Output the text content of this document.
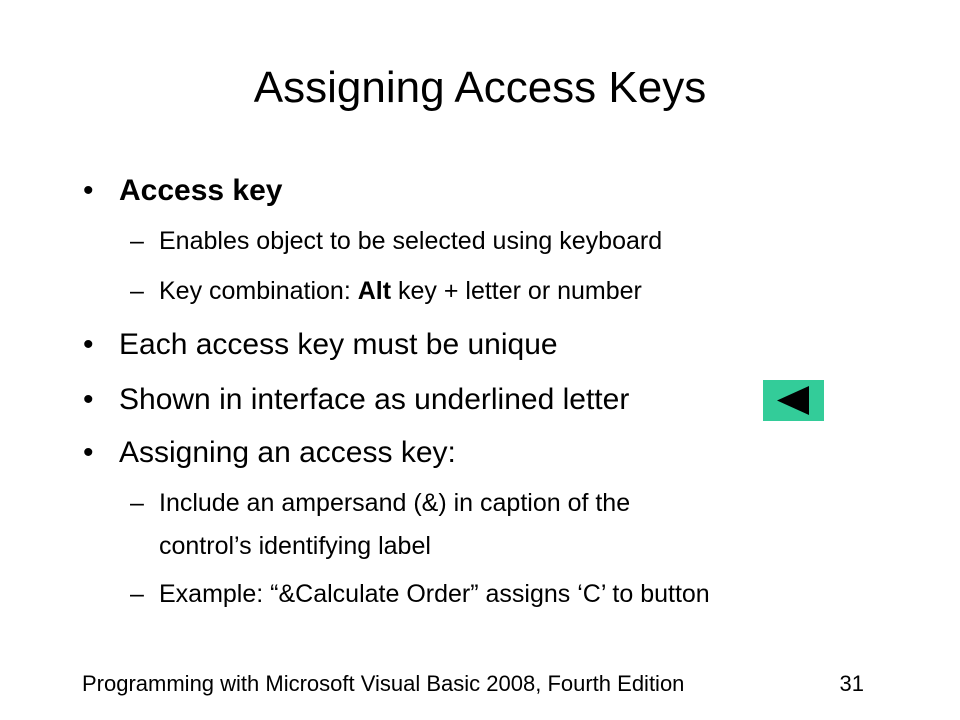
Assigning Access Keys
• Access key
– Enables object to be selected using keyboard
– Key combination: Alt key + letter or number
• Each access key must be unique
• Shown in interface as underlined letter
• Assigning an access key:
– Include an ampersand (&) in caption of the
control’s identifying label
– Example: “&Calculate Order” assigns ‘C’ to button
Programming with Microsoft Visual Basic 2008, Fourth Edition	31
